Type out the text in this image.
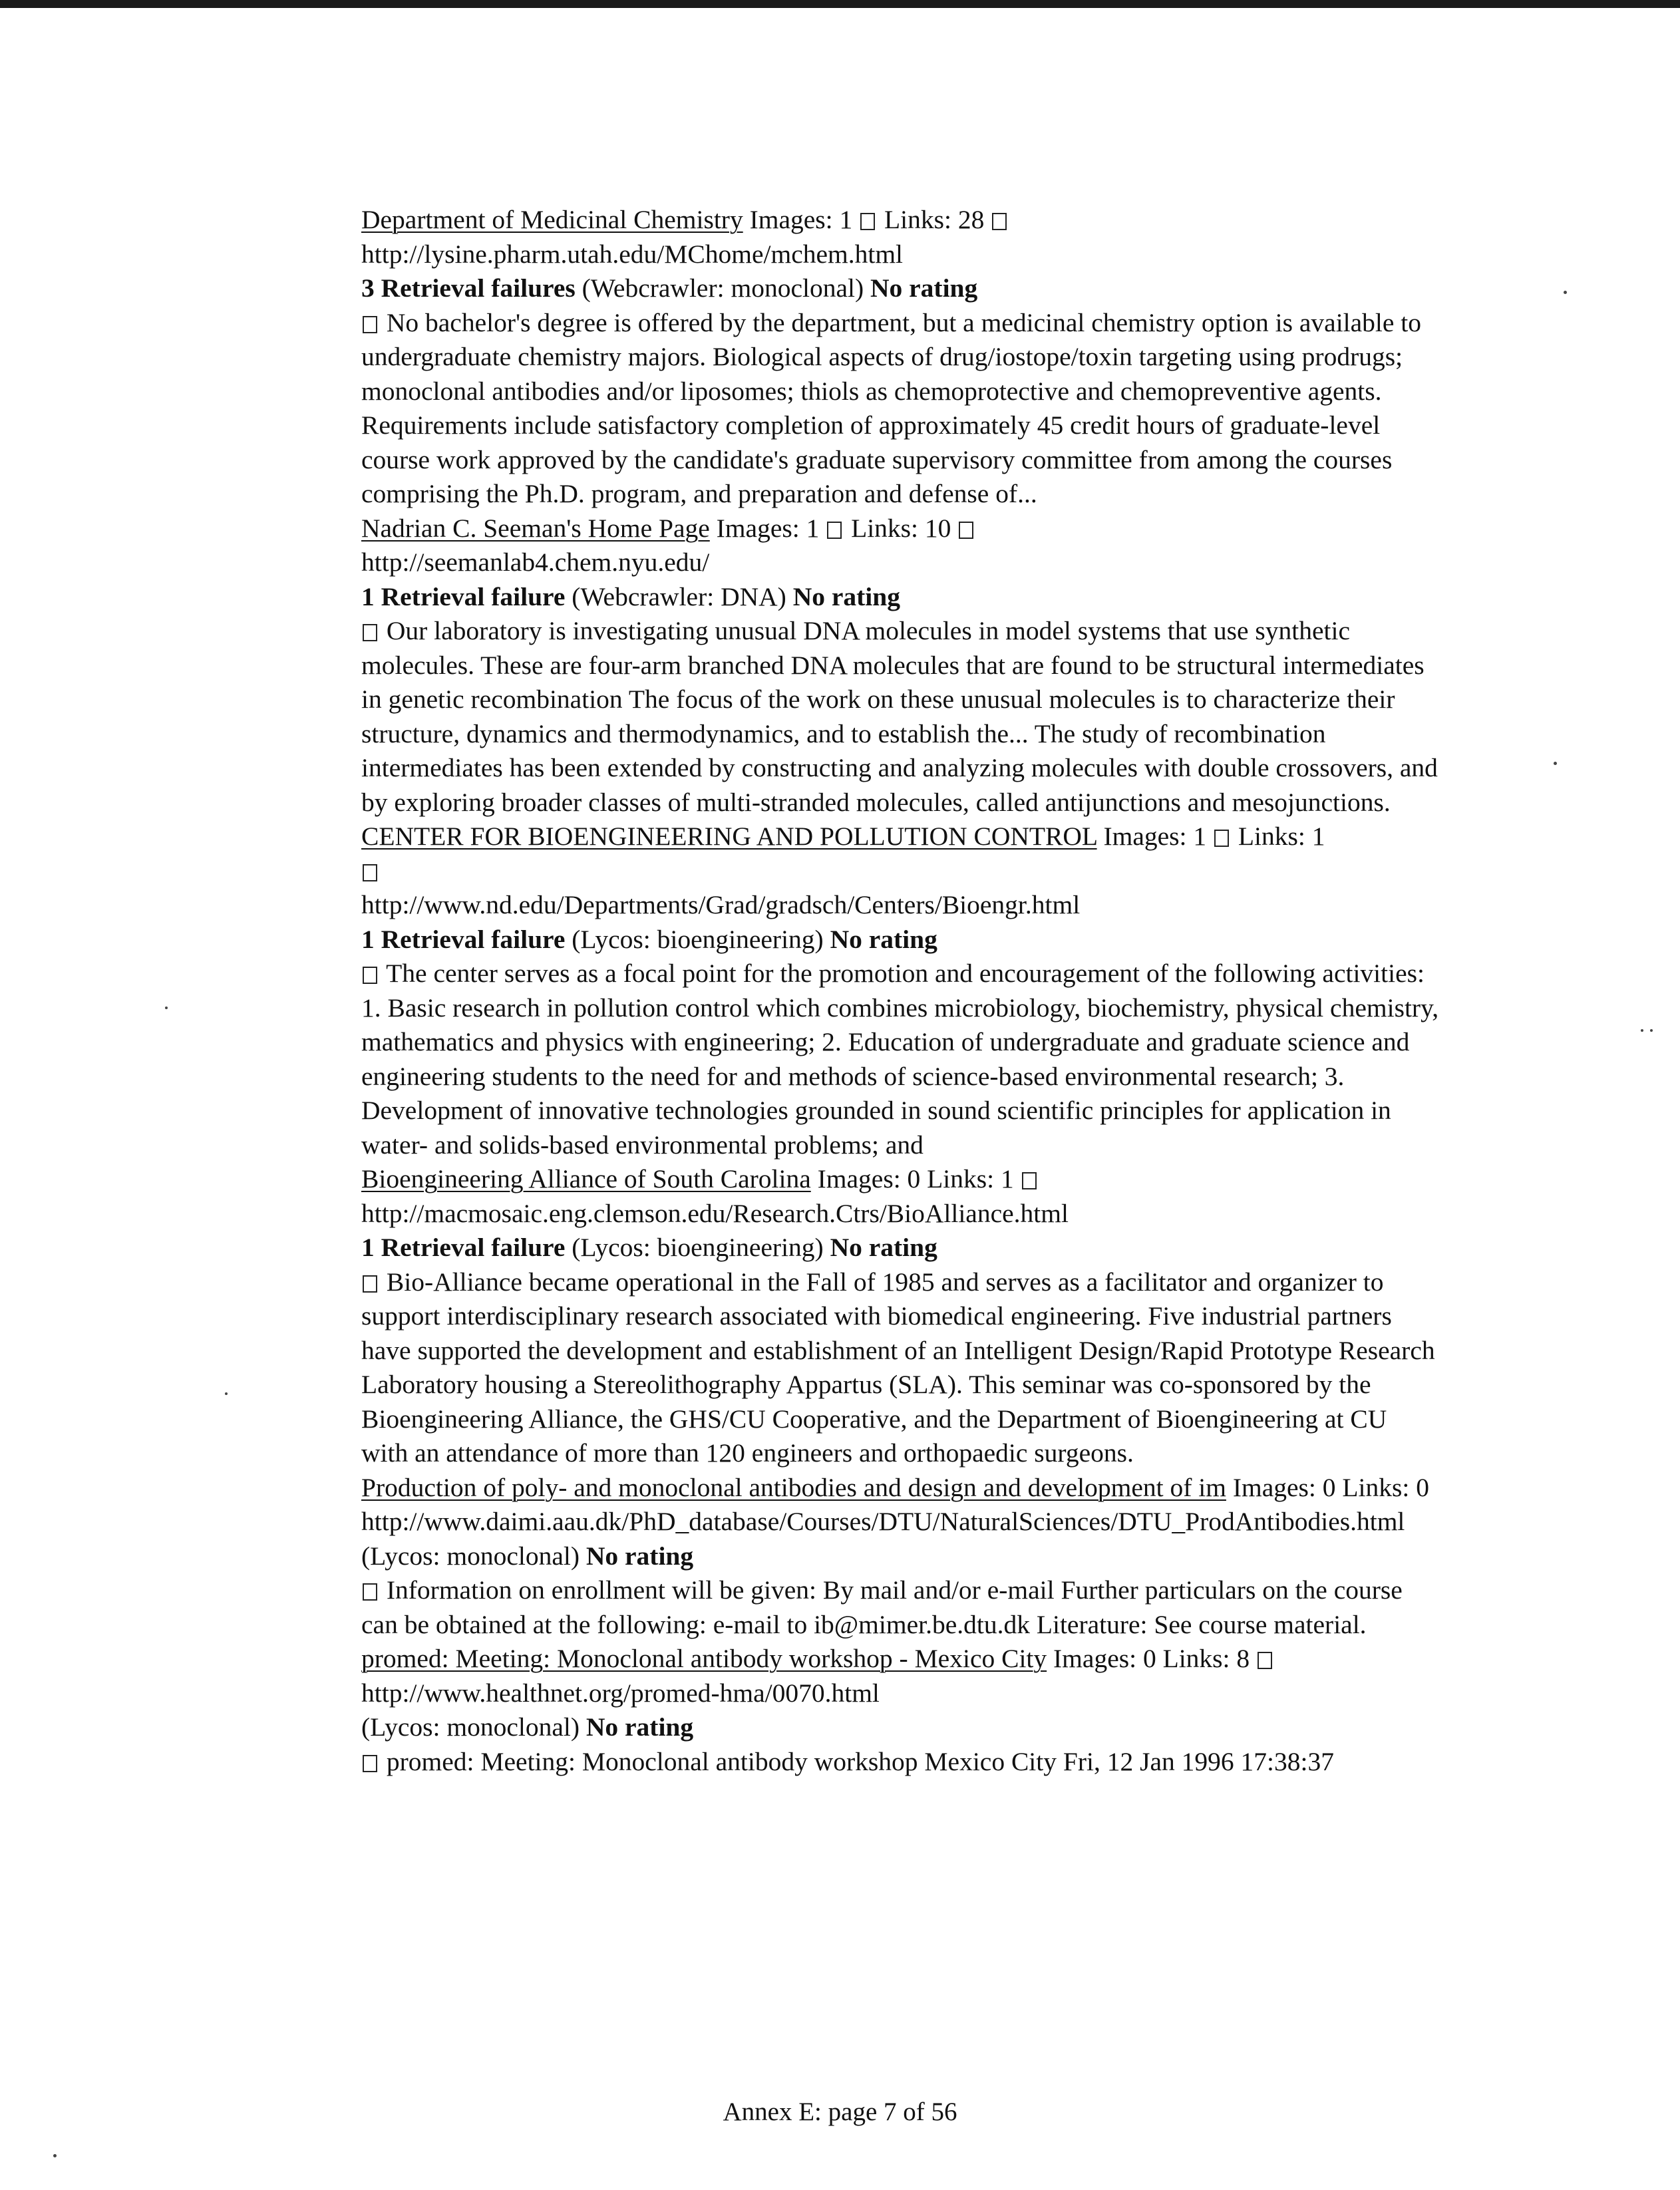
Department of Medicinal Chemistry Images: 1 Links: 28

http://lysine.pharm.utah.edu/MChome/mchem.html

3 Retrieval failures (Webcrawler: monoclonal) No rating

No bachelor's degree is offered by the department, but a medicinal chemistry option is available to undergraduate chemistry majors. Biological aspects of drug/iostope/toxin targeting using prodrugs; monoclonal antibodies and/or liposomes; thiols as chemoprotective and chemopreventive agents. Requirements include satisfactory completion of approximately 45 credit hours of graduate-level course work approved by the candidate's graduate supervisory committee from among the courses comprising the Ph.D. program, and preparation and defense of...

Nadrian C. Seeman's Home Page Images: 1 Links: 10

http://seemanlab4.chem.nyu.edu/

1 Retrieval failure (Webcrawler: DNA) No rating

Our laboratory is investigating unusual DNA molecules in model systems that use synthetic molecules. These are four-arm branched DNA molecules that are found to be structural intermediates in genetic recombination The focus of the work on these unusual molecules is to characterize their structure, dynamics and thermodynamics, and to establish the... The study of recombination intermediates has been extended by constructing and analyzing molecules with double crossovers, and by exploring broader classes of multi-stranded molecules, called antijunctions and mesojunctions.

CENTER FOR BIOENGINEERING AND POLLUTION CONTROL Images: 1 Links: 1

http://www.nd.edu/Departments/Grad/gradsch/Centers/Bioengr.html

1 Retrieval failure (Lycos: bioengineering) No rating

The center serves as a focal point for the promotion and encouragement of the following activities: 1. Basic research in pollution control which combines microbiology, biochemistry, physical chemistry, mathematics and physics with engineering; 2. Education of undergraduate and graduate science and engineering students to the need for and methods of science-based environmental research; 3. Development of innovative technologies grounded in sound scientific principles for application in water- and solids-based environmental problems; and

Bioengineering Alliance of South Carolina Images: 0 Links: 1

http://macmosaic.eng.clemson.edu/Research.Ctrs/BioAlliance.html

1 Retrieval failure (Lycos: bioengineering) No rating

Bio-Alliance became operational in the Fall of 1985 and serves as a facilitator and organizer to support interdisciplinary research associated with biomedical engineering. Five industrial partners have supported the development and establishment of an Intelligent Design/Rapid Prototype Research Laboratory housing a Stereolithography Appartus (SLA). This seminar was co-sponsored by the Bioengineering Alliance, the GHS/CU Cooperative, and the Department of Bioengineering at CU with an attendance of more than 120 engineers and orthopaedic surgeons.

Production of poly- and monoclonal antibodies and design and development of im Images: 0 Links: 0

http://www.daimi.aau.dk/PhD_database/Courses/DTU/NaturalSciences/DTU_ProdAntibodies.html

(Lycos: monoclonal) No rating

Information on enrollment will be given: By mail and/or e-mail Further particulars on the course can be obtained at the following: e-mail to ib@mimer.be.dtu.dk Literature: See course material.

promed: Meeting: Monoclonal antibody workshop - Mexico City Images: 0 Links: 8

http://www.healthnet.org/promed-hma/0070.html

(Lycos: monoclonal) No rating

promed: Meeting: Monoclonal antibody workshop Mexico City Fri, 12 Jan 1996 17:38:37

Annex E: page 7 of 56
